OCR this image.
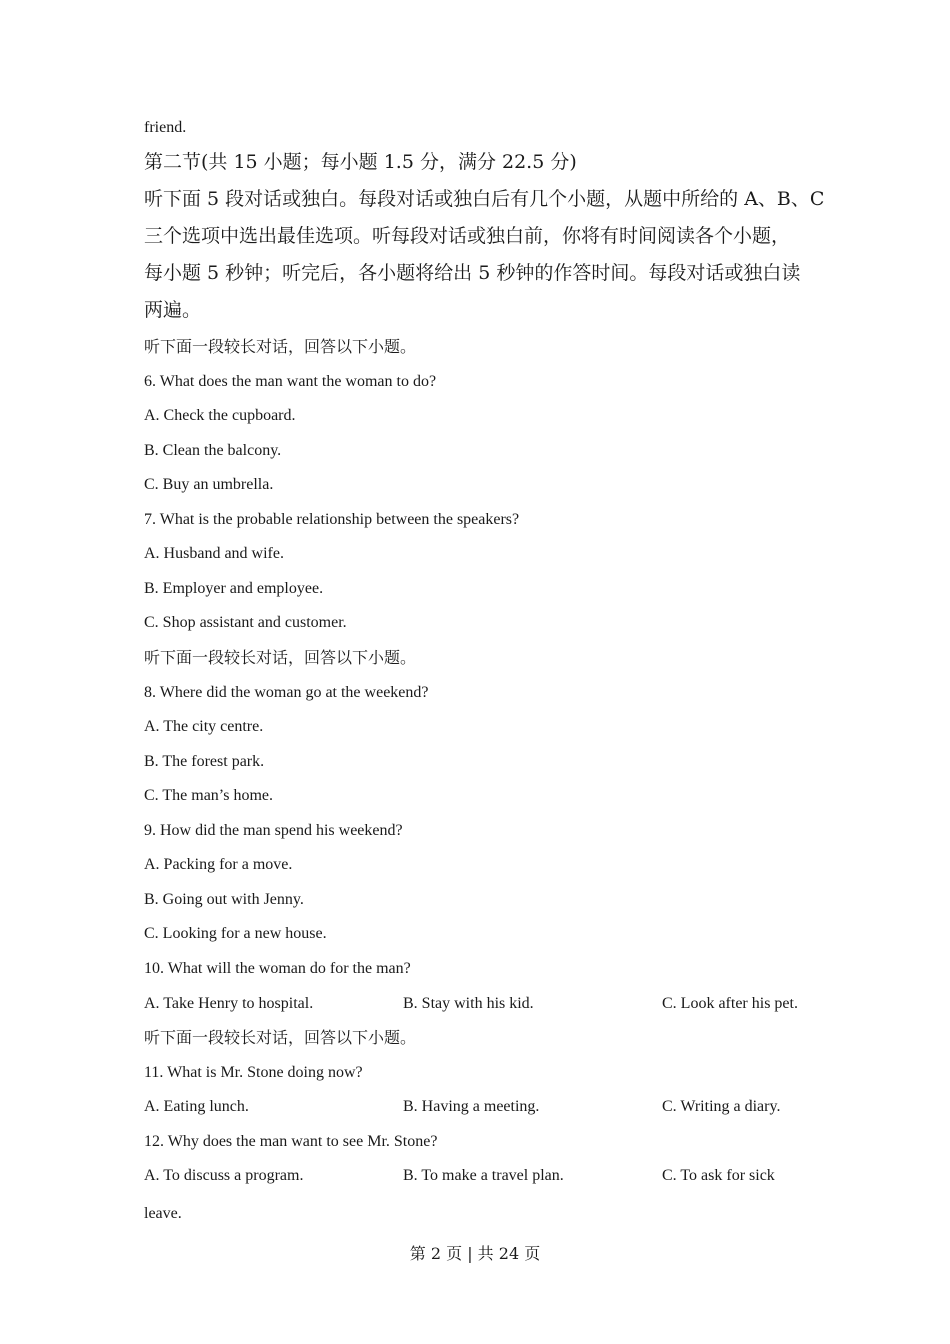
friend.
第二节(共 15 小题；每小题 1.5 分，满分 22.5 分)
听下面 5 段对话或独白。每段对话或独白后有几个小题，从题中所给的 A、B、C
三个选项中选出最佳选项。听每段对话或独白前，你将有时间阅读各个小题，
每小题 5 秒钟；听完后，各小题将给出 5 秒钟的作答时间。每段对话或独白读
两遍。
听下面一段较长对话，回答以下小题。
6. What does the man want the woman to do?
A. Check the cupboard.
B. Clean the balcony.
C. Buy an umbrella.
7. What is the probable relationship between the speakers?
A. Husband and wife.
B. Employer and employee.
C. Shop assistant and customer.
听下面一段较长对话，回答以下小题。
8. Where did the woman go at the weekend?
A. The city centre.
B. The forest park.
C. The man’s home.
9. How did the man spend his weekend?
A. Packing for a move.
B. Going out with Jenny.
C. Looking for a new house.
10. What will the woman do for the man?
A. Take Henry to hospital.	B. Stay with his kid.	C. Look after his pet.
听下面一段较长对话，回答以下小题。
11. What is Mr. Stone doing now?
A. Eating lunch.	B. Having a meeting.	C. Writing a diary.
12. Why does the man want to see Mr. Stone?
A. To discuss a program.	B. To make a travel plan.	C. To ask for sick
leave.
第 2 页 | 共 24 页
